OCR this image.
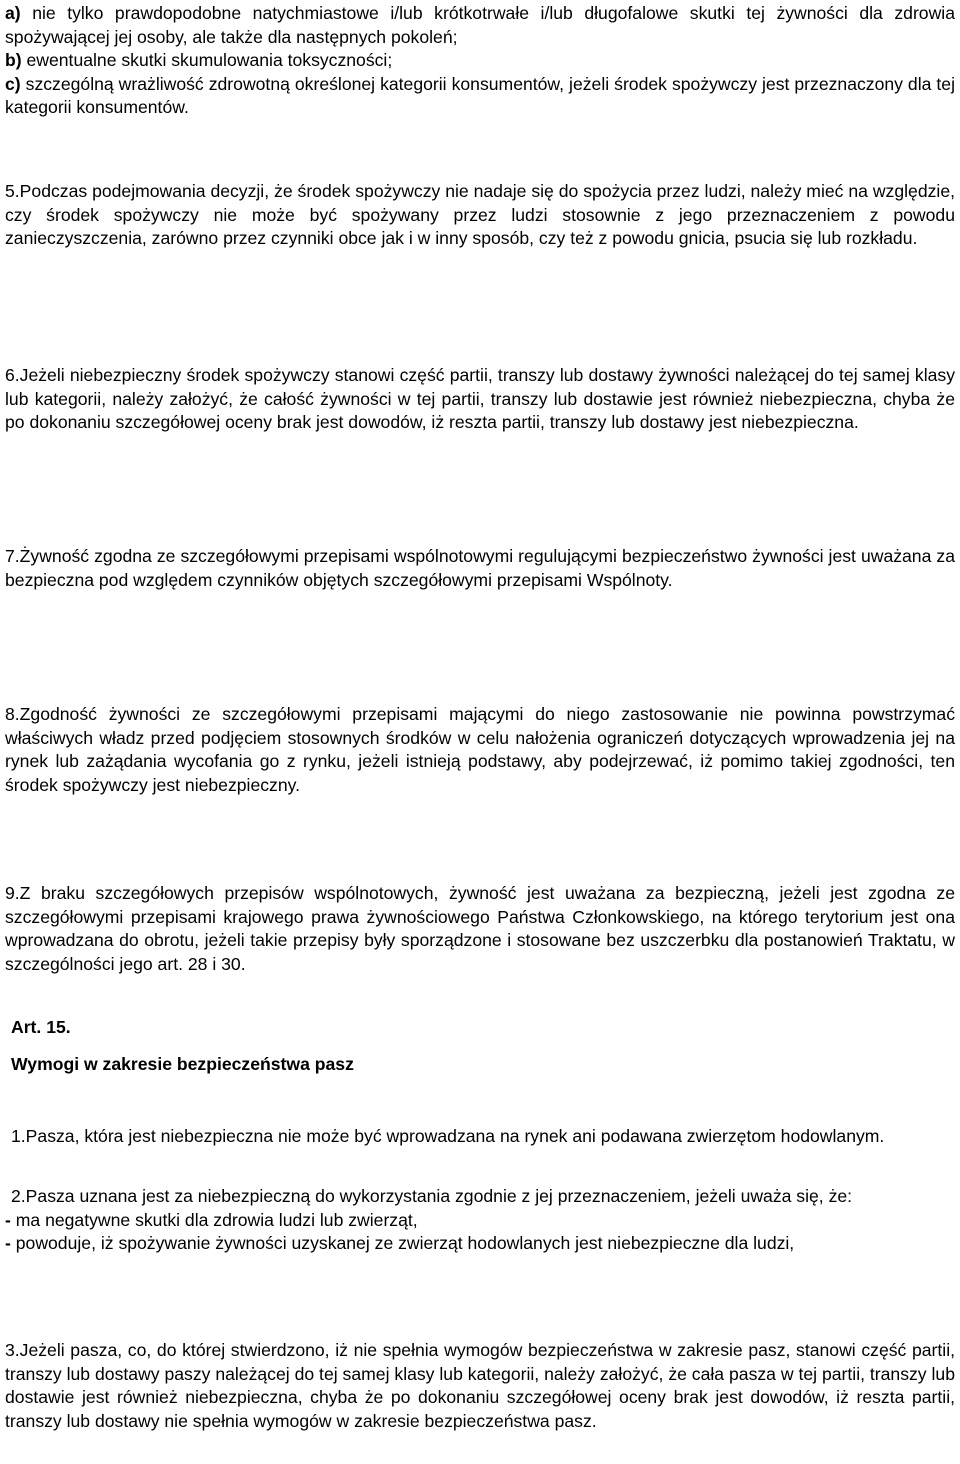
a) nie tylko prawdopodobne natychmiastowe i/lub krótkotrwałe i/lub długofalowe skutki tej żywności dla zdrowia spożywającej jej osoby, ale także dla następnych pokoleń;
b) ewentualne skutki skumulowania toksyczności;
c) szczególną wrażliwość zdrowotną określonej kategorii konsumentów, jeżeli środek spożywczy jest przeznaczony dla tej kategorii konsumentów.
5.Podczas podejmowania decyzji, że środek spożywczy nie nadaje się do spożycia przez ludzi, należy mieć na względzie, czy środek spożywczy nie może być spożywany przez ludzi stosownie z jego przeznaczeniem z powodu zanieczyszczenia, zarówno przez czynniki obce jak i w inny sposób, czy też z powodu gnicia, psucia się lub rozkładu.
6.Jeżeli niebezpieczny środek spożywczy stanowi część partii, transzy lub dostawy żywności należącej do tej samej klasy lub kategorii, należy założyć, że całość żywności w tej partii, transzy lub dostawie jest również niebezpieczna, chyba że po dokonaniu szczegółowej oceny brak jest dowodów, iż reszta partii, transzy lub dostawy jest niebezpieczna.
7.Żywność zgodna ze szczegółowymi przepisami wspólnotowymi regulującymi bezpieczeństwo żywności jest uważana za bezpieczna pod względem czynników objętych szczegółowymi przepisami Wspólnoty.
8.Zgodność żywności ze szczegółowymi przepisami mającymi do niego zastosowanie nie powinna powstrzymać właściwych władz przed podjęciem stosownych środków w celu nałożenia ograniczeń dotyczących wprowadzenia jej na rynek lub zażądania wycofania go z rynku, jeżeli istnieją podstawy, aby podejrzewać, iż pomimo takiej zgodności, ten środek spożywczy jest niebezpieczny.
9.Z braku szczegółowych przepisów wspólnotowych, żywność jest uważana za bezpieczną, jeżeli jest zgodna ze szczegółowymi przepisami krajowego prawa żywnościowego Państwa Członkowskiego, na którego terytorium jest ona wprowadzana do obrotu, jeżeli takie przepisy były sporządzone i stosowane bez uszczerbku dla postanowień Traktatu, w szczególności jego art. 28 i 30.
Art. 15.
Wymogi w zakresie bezpieczeństwa pasz
1.Pasza, która jest niebezpieczna nie może być wprowadzana na rynek ani podawana zwierzętom hodowlanym.
2.Pasza uznana jest za niebezpieczną do wykorzystania zgodnie z jej przeznaczeniem, jeżeli uważa się, że:
- ma negatywne skutki dla zdrowia ludzi lub zwierząt,
- powoduje, iż spożywanie żywności uzyskanej ze zwierząt hodowlanych jest niebezpieczne dla ludzi,
3.Jeżeli pasza, co, do której stwierdzono, iż nie spełnia wymogów bezpieczeństwa w zakresie pasz, stanowi część partii, transzy lub dostawy paszy należącej do tej samej klasy lub kategorii, należy założyć, że cała pasza w tej partii, transzy lub dostawie jest również niebezpieczna, chyba że po dokonaniu szczegółowej oceny brak jest dowodów, iż reszta partii, transzy lub dostawy nie spełnia wymogów w zakresie bezpieczeństwa pasz.
